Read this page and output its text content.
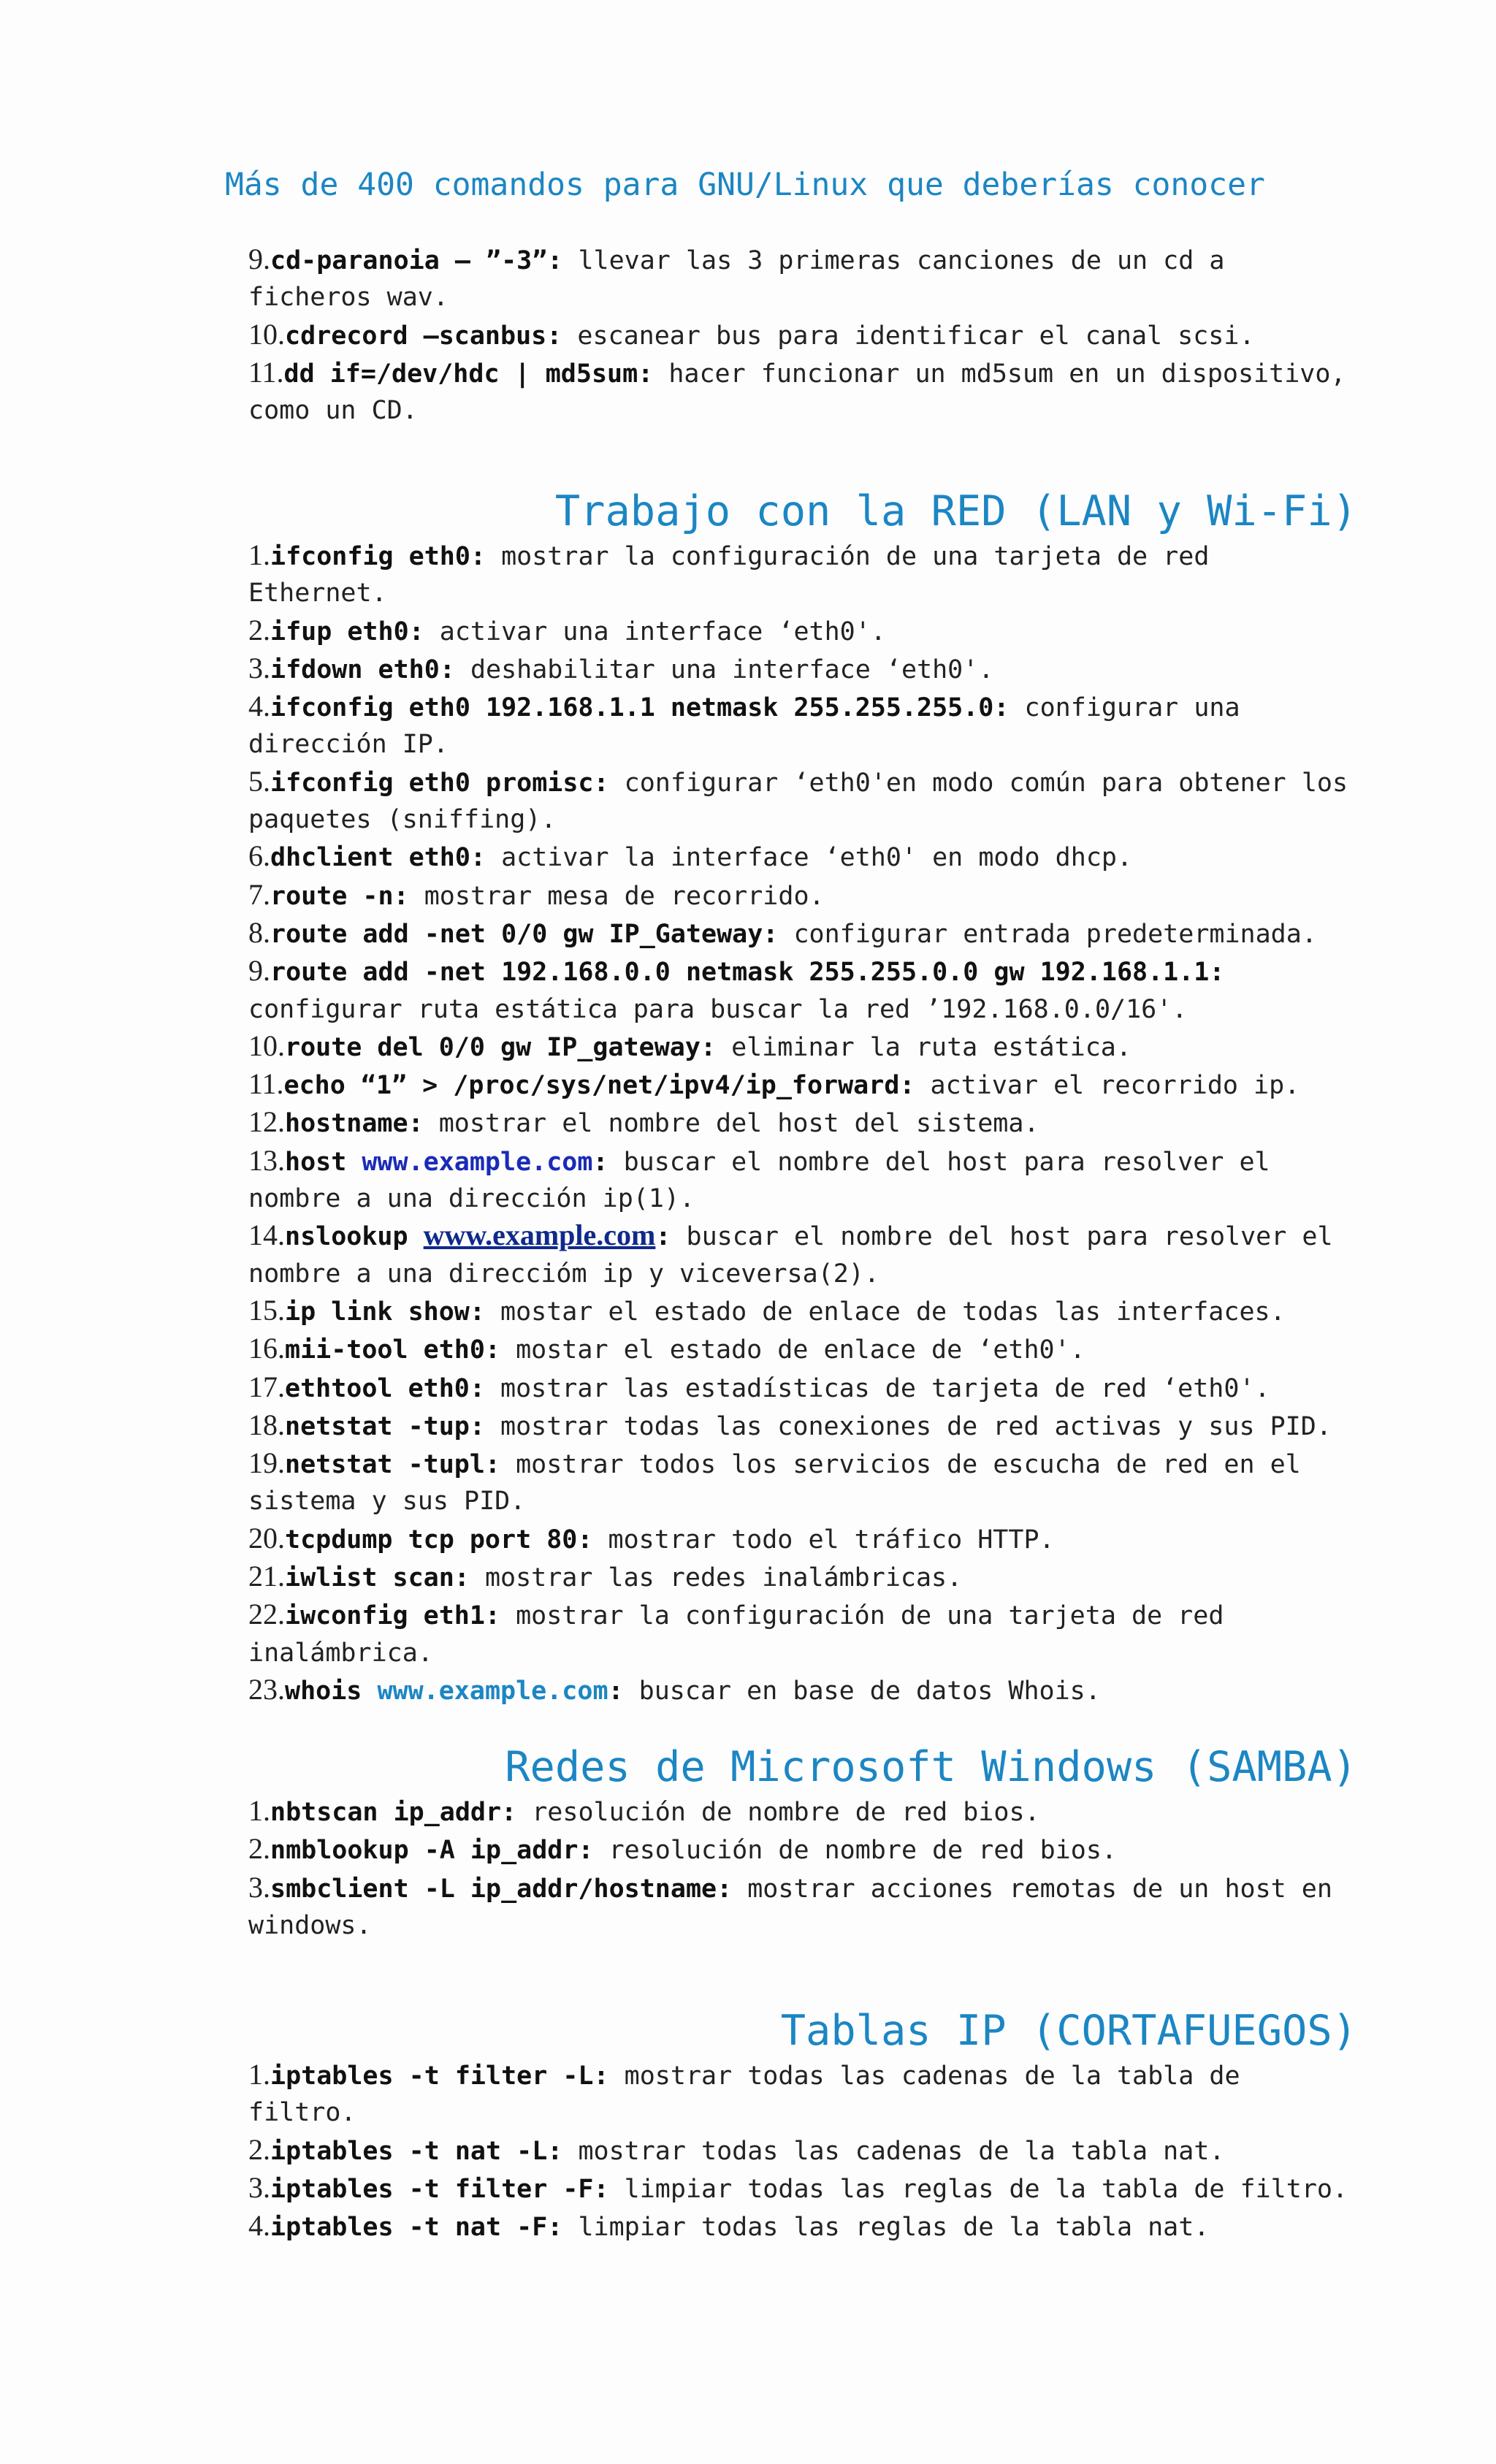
Más de 400 comandos para GNU/Linux que deberías conocer
9.cd-paranoia – ”-3”: llevar las 3 primeras canciones de un cd a ficheros wav.
10.cdrecord –scanbus: escanear bus para identificar el canal scsi.
11.dd if=/dev/hdc | md5sum: hacer funcionar un md5sum en un dispositivo, como un CD.
Trabajo con la RED (LAN y Wi-Fi)
1.ifconfig eth0: mostrar la configuración de una tarjeta de red Ethernet.
2.ifup eth0: activar una interface ‘eth0'.
3.ifdown eth0: deshabilitar una interface ‘eth0'.
4.ifconfig eth0 192.168.1.1 netmask 255.255.255.0: configurar una dirección IP.
5.ifconfig eth0 promisc: configurar ‘eth0'en modo común para obtener los paquetes (sniffing).
6.dhclient eth0: activar la interface ‘eth0' en modo dhcp.
7.route -n: mostrar mesa de recorrido.
8.route add -net 0/0 gw IP_Gateway: configurar entrada predeterminada.
9.route add -net 192.168.0.0 netmask 255.255.0.0 gw 192.168.1.1: configurar ruta estática para buscar la red ’192.168.0.0/16'.
10.route del 0/0 gw IP_gateway: eliminar la ruta estática.
11.echo “1” > /proc/sys/net/ipv4/ip_forward: activar el recorrido ip.
12.hostname: mostrar el nombre del host del sistema.
13.host www.example.com: buscar el nombre del host para resolver el nombre a una dirección ip(1).
14.nslookup www.example.com: buscar el nombre del host para resolver el nombre a una direcciόm ip y viceversa(2).
15.ip link show: mostar el estado de enlace de todas las interfaces.
16.mii-tool eth0: mostar el estado de enlace de ‘eth0'.
17.ethtool eth0: mostrar las estadísticas de tarjeta de red ‘eth0'.
18.netstat -tup: mostrar todas las conexiones de red activas y sus PID.
19.netstat -tupl: mostrar todos los servicios de escucha de red en el sistema y sus PID.
20.tcpdump tcp port 80: mostrar todo el tráfico HTTP.
21.iwlist scan: mostrar las redes inalámbricas.
22.iwconfig eth1: mostrar la configuración de una tarjeta de red inalámbrica.
23.whois www.example.com: buscar en base de datos Whois.
Redes de Microsoft Windows (SAMBA)
1.nbtscan ip_addr: resolución de nombre de red bios.
2.nmblookup -A ip_addr: resolución de nombre de red bios.
3.smbclient -L ip_addr/hostname: mostrar acciones remotas de un host en windows.
Tablas IP (CORTAFUEGOS)
1.iptables -t filter -L: mostrar todas las cadenas de la tabla de filtro.
2.iptables -t nat -L: mostrar todas las cadenas de la tabla nat.
3.iptables -t filter -F: limpiar todas las reglas de la tabla de filtro.
4.iptables -t nat -F: limpiar todas las reglas de la tabla nat.
